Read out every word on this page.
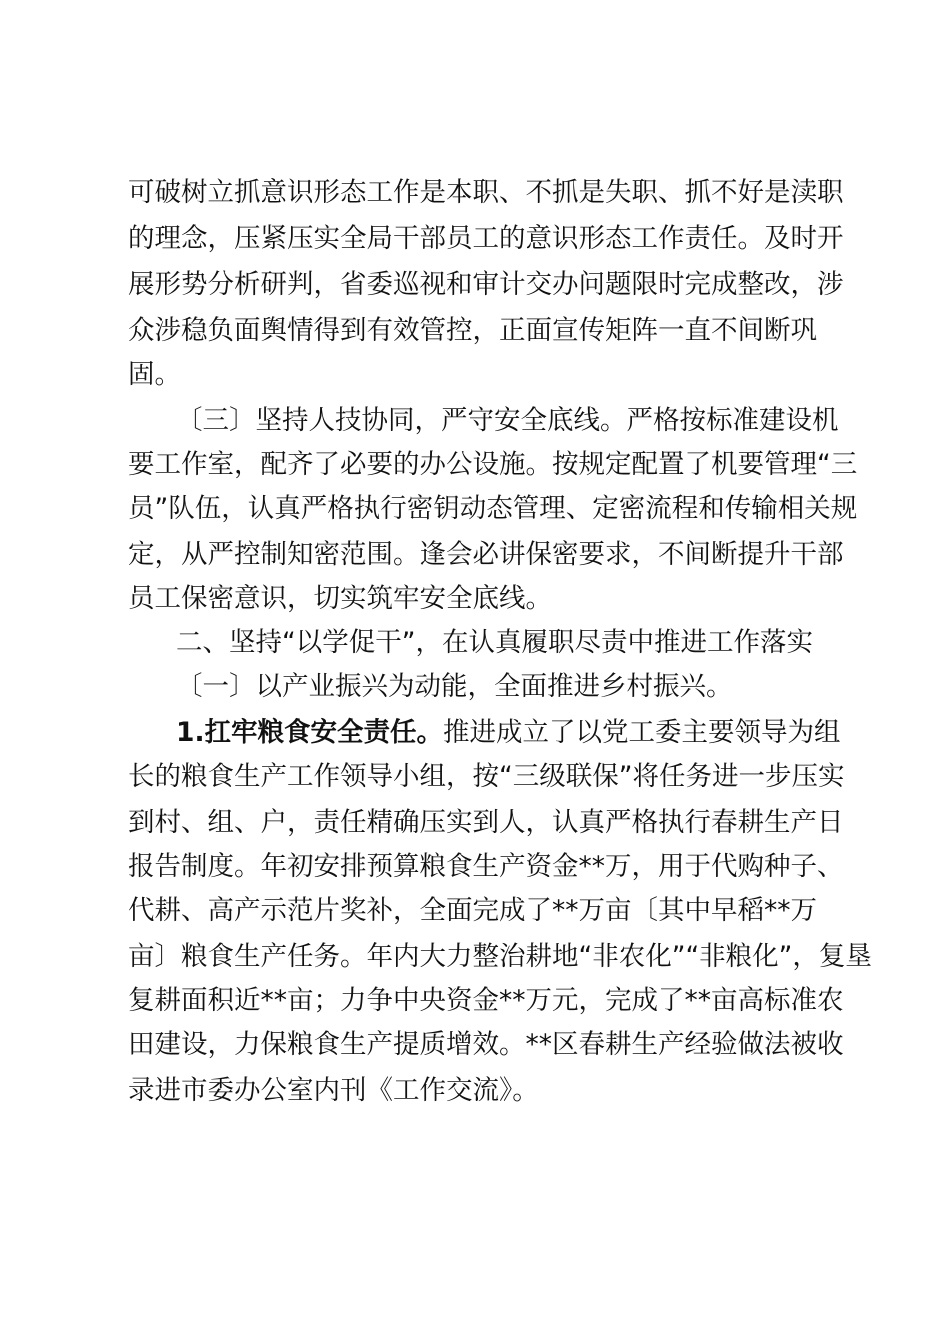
可破树立抓意识形态工作是本职、不抓是失职、抓不好是渎职
的理念，压紧压实全局干部员工的意识形态工作责任。及时开
展形势分析研判，省委巡视和审计交办问题限时完成整改，涉
众涉稳负面舆情得到有效管控，正面宣传矩阵一直不间断巩
固。
〔三〕坚持人技协同，严守安全底线。严格按标准建设机
要工作室，配齐了必要的办公设施。按规定配置了机要管理“三
员”队伍，认真严格执行密钥动态管理、定密流程和传输相关规
定，从严控制知密范围。逢会必讲保密要求，不间断提升干部
员工保密意识，切实筑牢安全底线。
二、坚持“以学促干”，在认真履职尽责中推进工作落实
〔一〕以产业振兴为动能，全面推进乡村振兴。
1.扛牢粮食安全责任。推进成立了以党工委主要领导为组
长的粮食生产工作领导小组，按“三级联保”将任务进一步压实
到村、组、户，责任精确压实到人，认真严格执行春耕生产日
报告制度。年初安排预算粮食生产资金**万，用于代购种子、
代耕、高产示范片奖补，全面完成了**万亩〔其中早稻**万
亩〕粮食生产任务。年内大力整治耕地“非农化”“非粮化”，复垦
复耕面积近**亩；力争中央资金**万元，完成了**亩高标准农
田建设，力保粮食生产提质增效。**区春耕生产经验做法被收
录进市委办公室内刊《工作交流》。
